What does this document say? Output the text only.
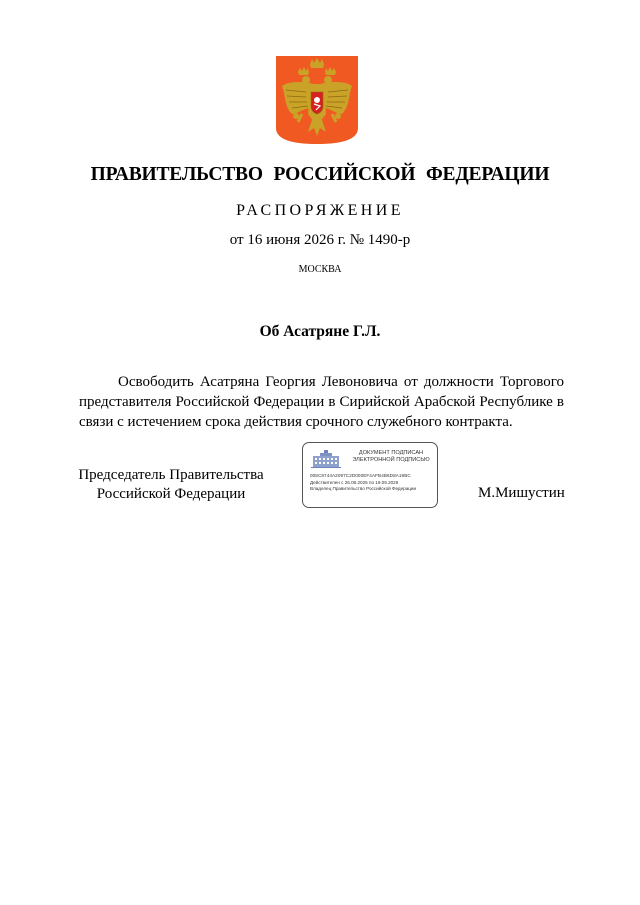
ПРАВИТЕЛЬСТВО РОССИЙСКОЙ ФЕДЕРАЦИИ
РАСПОРЯЖЕНИЕ
от 16 июня 2026 г. № 1490-р
МОСКВА
Об Асатряне Г.Л.
Освободить Асатряна Георгия Левоновича от должности Торгового представителя Российской Федерации в Сирийской Арабской Республике в связи с истечением срока действия срочного служебного контракта.
Председатель Правительства
Российской Федерации
ДОКУМЕНТ ПОДПИСАН
ЭЛЕКТРОННОЙ ПОДПИСЬЮ
008C8744A2097C2D000EF4AFB4B6D8A19BC
Действителен с 26.06.2025 по 19.09.2026
Владелец Правительство Российской Федерации	М.Мишустин
